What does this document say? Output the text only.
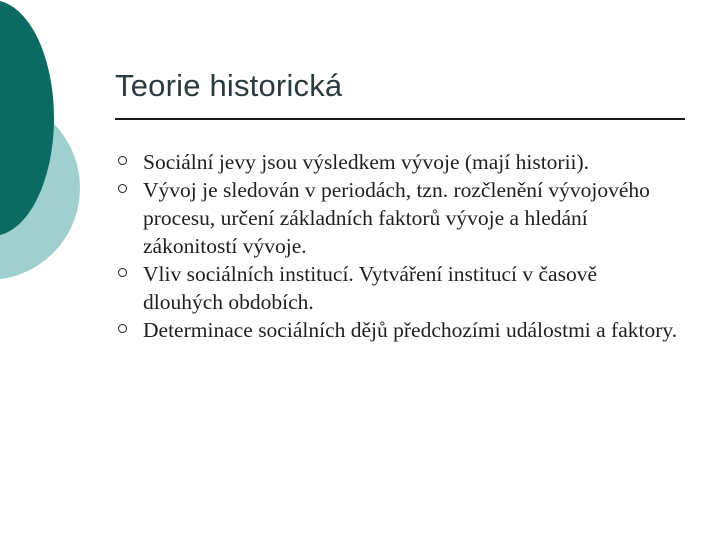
Teorie historická
Sociální jevy jsou výsledkem vývoje (mají historii).
Vývoj je sledován v periodách, tzn. rozčlenění vývojového procesu, určení základních faktorů vývoje a hledání zákonitostí vývoje.
Vliv sociálních institucí. Vytváření institucí v časově dlouhých obdobích.
Determinace sociálních dějů předchozími událostmi a faktory.
